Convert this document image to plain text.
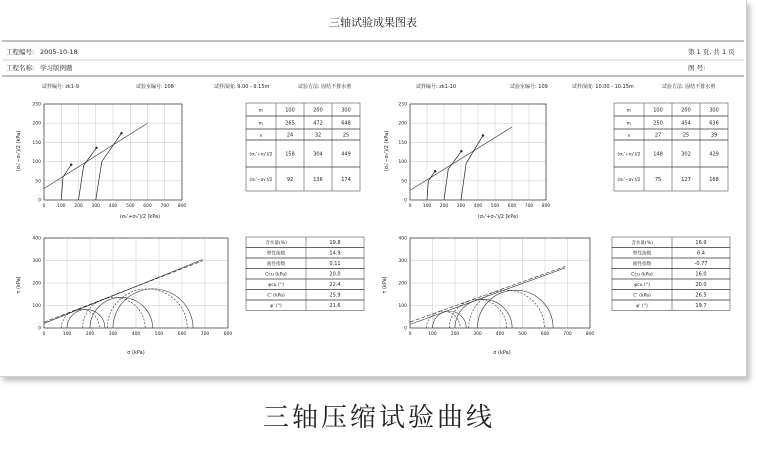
三轴试验成果图表
工程编号: 2005-10-18
工程名称: 学习版例题
第 1 页, 共 1 页
图 号:
试样编号: zk1-9	试验室编号: 108	试样深度: 9.00 - 9.15m	试验方法: 固结不排水剪
(σ₁'+σ₃')/2 (kPa)
(σ₁'−σ₃')/2 (kPa)
0	100 200 300 400 500 600 700 800
0
50
100
150
200
250
σ₃	100	200	300
σ₁	265	472	648
u	24	32	25
(σ₁'+σ₃')/2	158	304	449
(σ₁'−σ₃')/2	92	136	174
σ (kPa)
τ (kPa)
0	100	200	300	400	500	600	700	800
0
100
200
300
400
含水量(%)	19.8
塑性指数	14.9
液性指数	0.11
Ccu (kPa)	20.0
φcu (°)	22.4
C' (kPa)	25.9
φ' (°)	21.6
试样编号: zk1-10	试验室编号: 109	试样深度: 10.00 - 10.15m	试验方法: 固结不排水剪
(σ₁'+σ₃')/2 (kPa)
(σ₁'−σ₃')/2 (kPa)
0	100 200 300 400 500 600 700 800
0
50
100
150
200
250
σ₃	100	200	300
σ₁	250	454	636
u	27	25	39
(σ₁'+σ₃')/2	148	302	429
(σ₁'−σ₃')/2	75	127	168
σ (kPa)
τ (kPa)
0	100	200	300	400	500	600	700	800
0
100
200
300
400
含水量(%)	16.9
塑性指数	6.4
液性指数	-0.77
Ccu (kPa)	16.0
φcu (°)	20.0
C' (kPa)	26.5
φ' (°)	19.7
三轴压缩试验曲线
